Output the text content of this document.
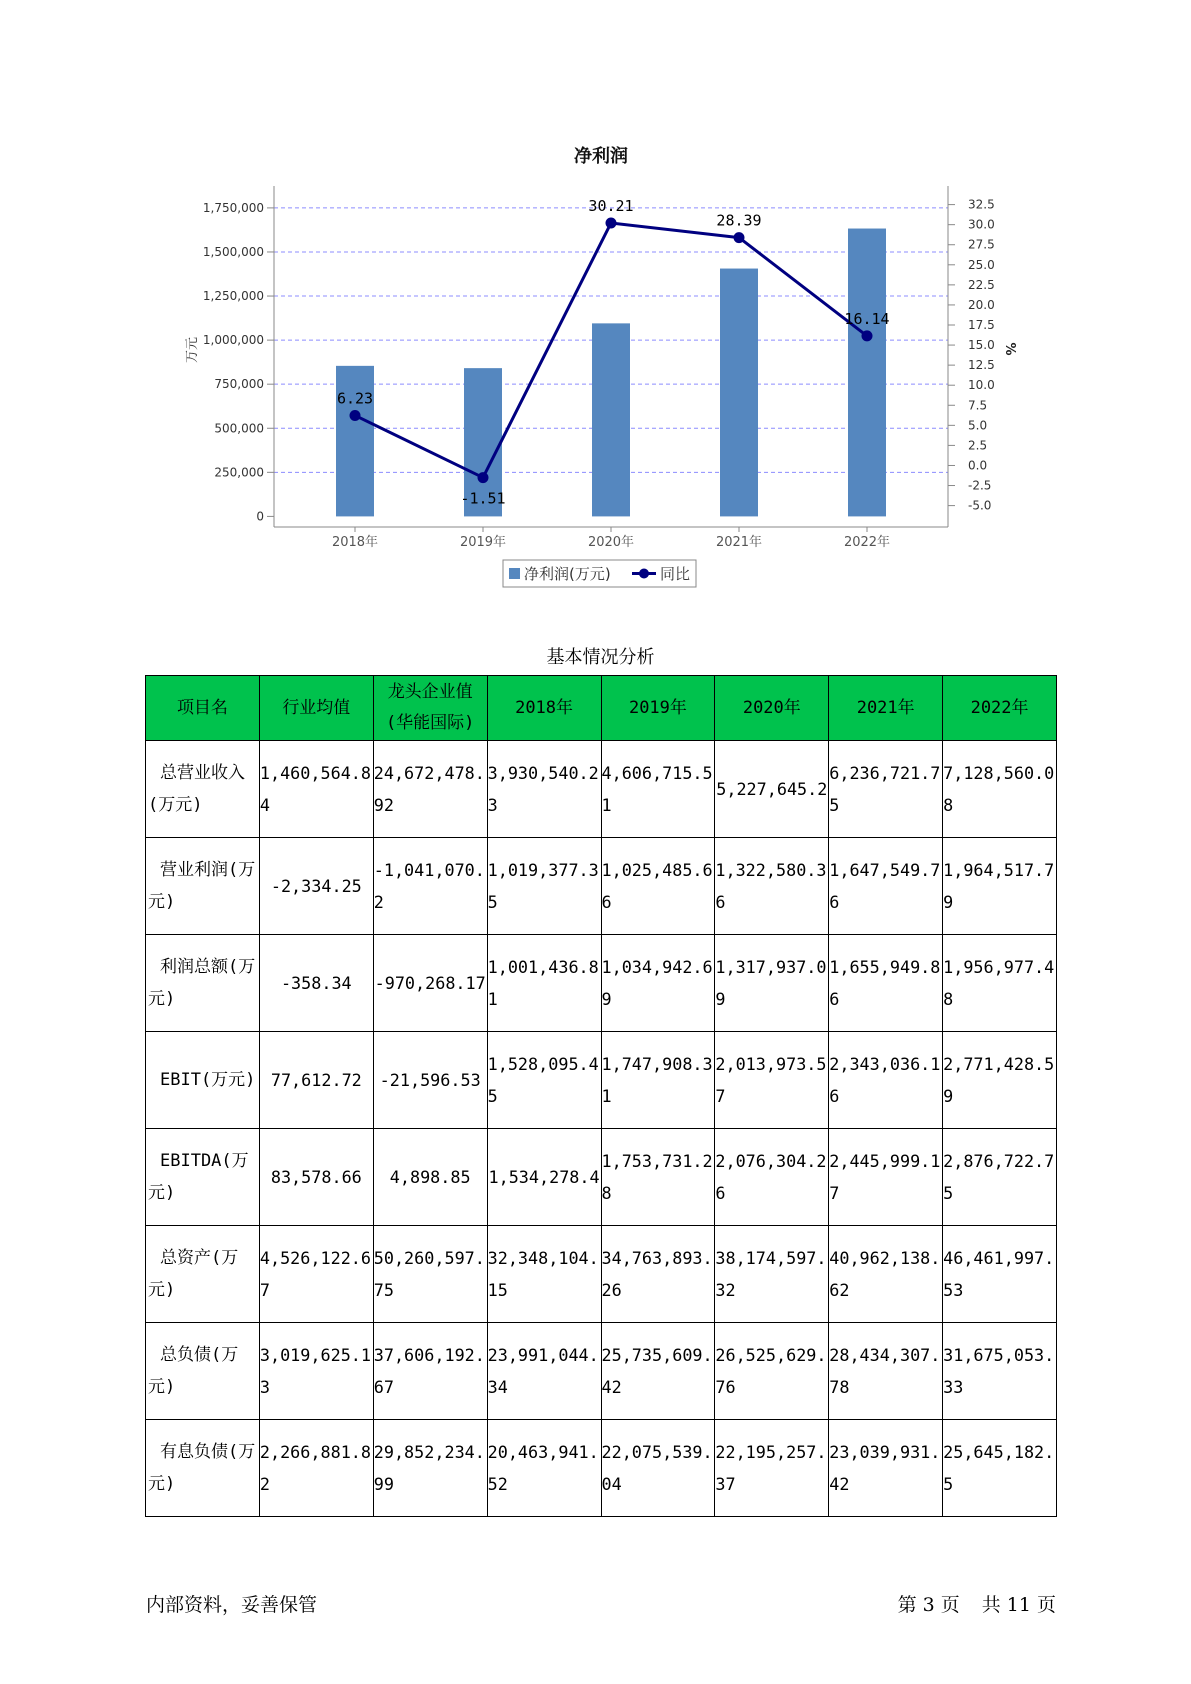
净利润
0
250,000
500,000
750,000
1,000,000
1,250,000
1,500,000
1,750,000
-5.0
-2.5
0.0
2.5
5.0
7.5
10.0
12.5
15.0
17.5
20.0
22.5
25.0
27.5
30.0
32.5
2018年	2019年	2020年	2021年	2022年
6.23
-1.51
30.21
28.39
16.14
万元	%
净利润(万元)	同比
基本情况分析
项目名	行业均值	龙头企业值(华能国际)	2018年	2019年	2020年	2021年	2022年
总营业收入(万元)	1,460,564.84	24,672,478.92	3,930,540.23	4,606,715.51	5,227,645.2	6,236,721.75	7,128,560.08
营业利润(万元)	-2,334.25	-1,041,070.2	1,019,377.35	1,025,485.66	1,322,580.36	1,647,549.76	1,964,517.79
利润总额(万元)	-358.34	-970,268.17	1,001,436.81	1,034,942.69	1,317,937.09	1,655,949.86	1,956,977.48
EBIT(万元)	77,612.72	-21,596.53	1,528,095.45	1,747,908.31	2,013,973.57	2,343,036.16	2,771,428.59
EBITDA(万元)	83,578.66	4,898.85	1,534,278.4	1,753,731.28	2,076,304.26	2,445,999.17	2,876,722.75
总资产(万元)	4,526,122.67	50,260,597.75	32,348,104.15	34,763,893.26	38,174,597.32	40,962,138.62	46,461,997.53
总负债(万元)	3,019,625.13	37,606,192.67	23,991,044.34	25,735,609.42	26,525,629.76	28,434,307.78	31,675,053.33
有息负债(万元)	2,266,881.82	29,852,234.99	20,463,941.52	22,075,539.04	22,195,257.37	23,039,931.42	25,645,182.5
内部资料，妥善保管	第 3 页 共 11 页
